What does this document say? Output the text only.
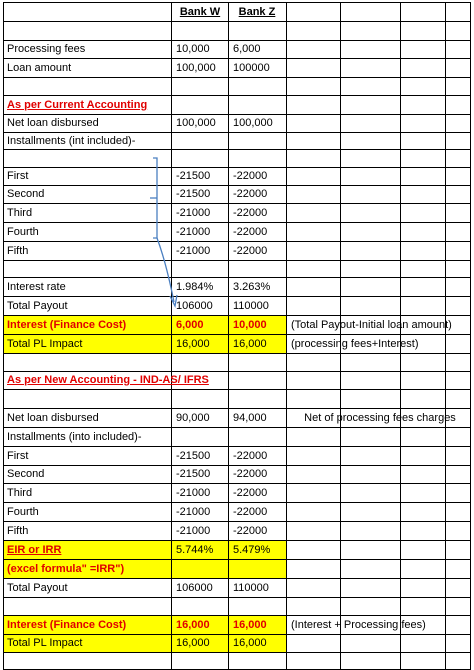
Bank W	Bank Z
Processing fees	10,000 6,000
Loan amount	100,000 100000
As per Current Accounting
Net loan disbursed	100,000 100,000
Installments (int included)-
First	-21500 -22000
Second	-21500 -22000
Third	-21000 -22000
Fourth	-21000 -22000
Fifth	-21000 -22000
Interest rate	1.984% 3.263%
Total Payout	106000 110000
Interest (Finance Cost)	6,000	10,000 (Total Payout-Initial loan amount)
Total PL Impact	16,000 16,000 (processing fees+Interest)
As per New Accounting - IND-AS/ IFRS
Net loan disbursed	90,000 94,000	Net of processing fees charges
Installments (into included)-
First	-21500 -22000
Second	-21500 -22000
Third	-21000 -22000
Fourth	-21000 -22000
Fifth	-21000 -22000
EIR or IRR	5.744% 5.479%
(excel formula" =IRR")
Total Payout	106000 110000
Interest (Finance Cost)	16,000 16,000 (Interest + Processing fees)
Total PL Impact	16,000 16,000
